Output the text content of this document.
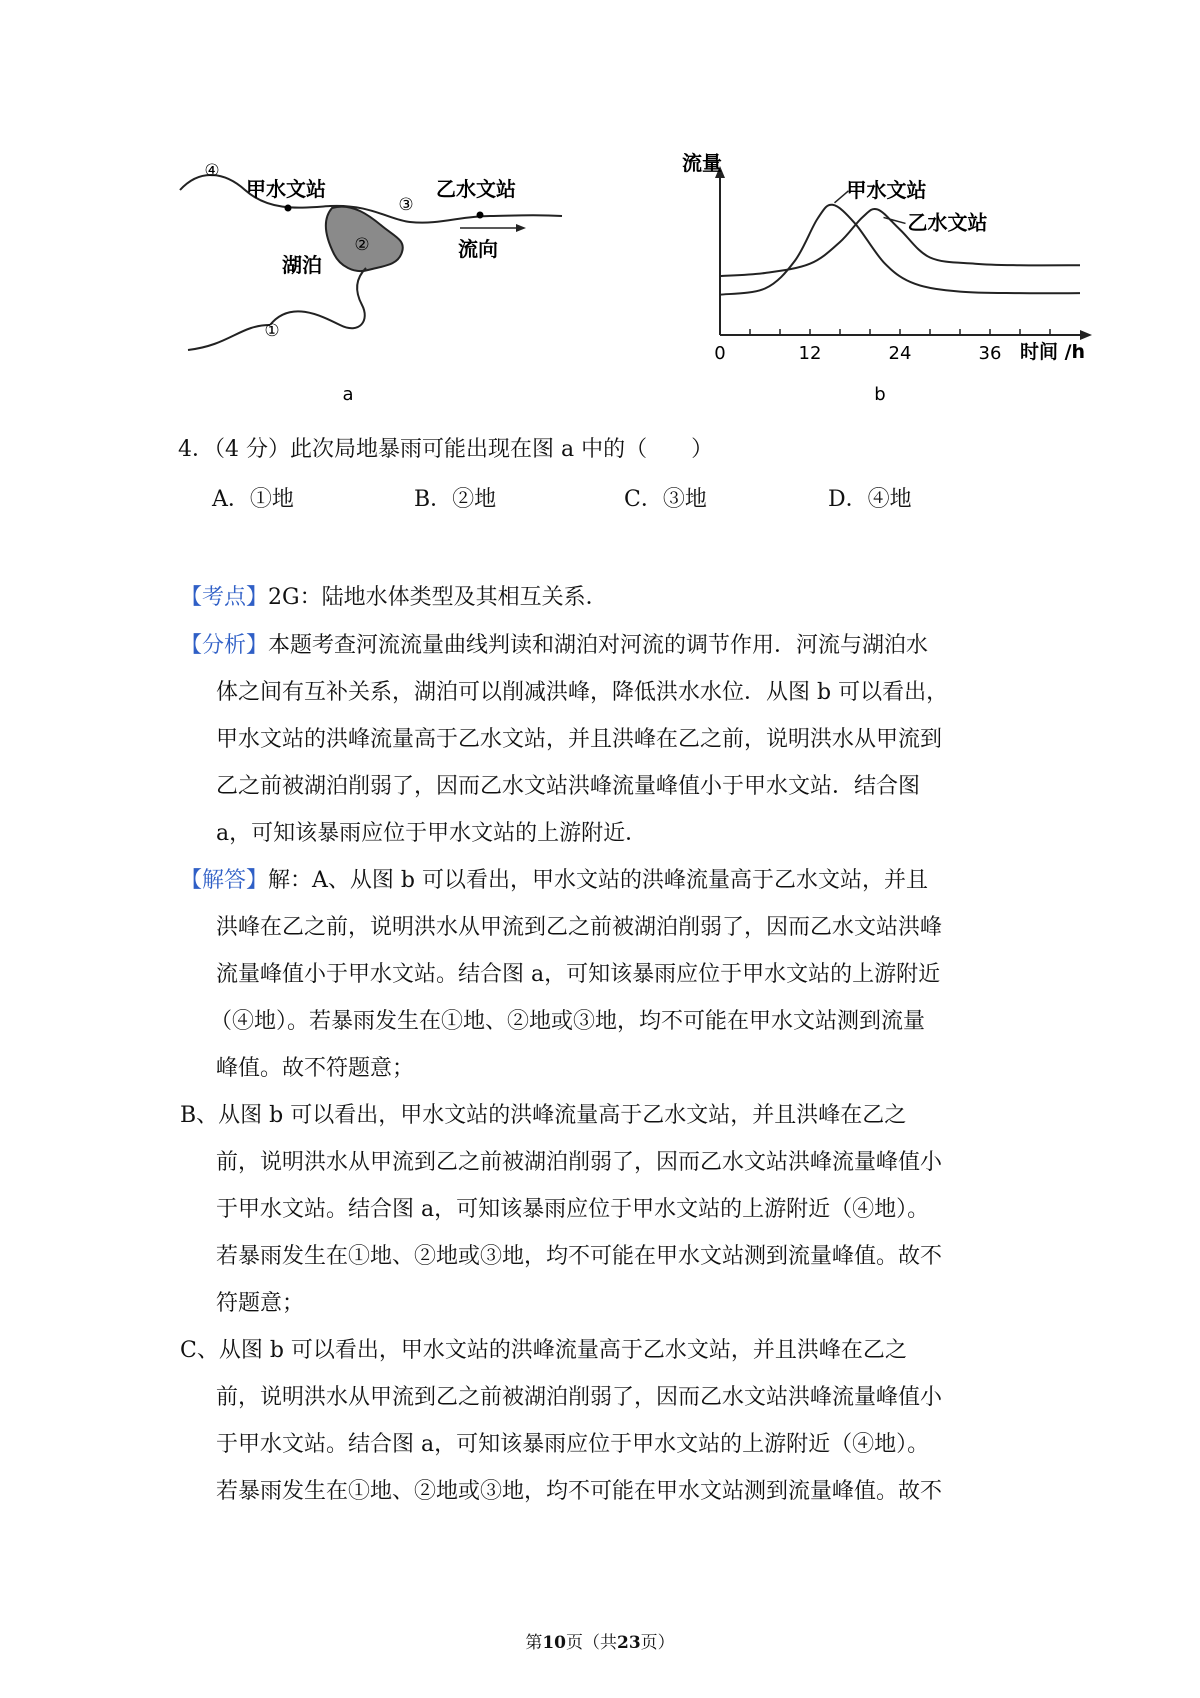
④
甲水文站
③
乙水文站
②
湖泊
流向
①
a
流量
时间 /h
b
0	12	24	36
甲水文站
乙水文站
4．（4 分）此次局地暴雨可能出现在图 a 中的（　　）
A．①地	B．②地	C．③地	D．④地
【考点】2G：陆地水体类型及其相互关系．
【分析】本题考查河流流量曲线判读和湖泊对河流的调节作用．河流与湖泊水
体之间有互补关系，湖泊可以削减洪峰，降低洪水水位．从图 b 可以看出，
甲水文站的洪峰流量高于乙水文站，并且洪峰在乙之前，说明洪水从甲流到
乙之前被湖泊削弱了，因而乙水文站洪峰流量峰值小于甲水文站．结合图
a，可知该暴雨应位于甲水文站的上游附近．
【解答】解：A、从图 b 可以看出，甲水文站的洪峰流量高于乙水文站，并且
洪峰在乙之前，说明洪水从甲流到乙之前被湖泊削弱了，因而乙水文站洪峰
流量峰值小于甲水文站。结合图 a，可知该暴雨应位于甲水文站的上游附近
（④地）。若暴雨发生在①地、②地或③地，均不可能在甲水文站测到流量
峰值。故不符题意；
B、从图 b 可以看出，甲水文站的洪峰流量高于乙水文站，并且洪峰在乙之
前，说明洪水从甲流到乙之前被湖泊削弱了，因而乙水文站洪峰流量峰值小
于甲水文站。结合图 a，可知该暴雨应位于甲水文站的上游附近（④地）。
若暴雨发生在①地、②地或③地，均不可能在甲水文站测到流量峰值。故不
符题意；
C、从图 b 可以看出，甲水文站的洪峰流量高于乙水文站，并且洪峰在乙之
前，说明洪水从甲流到乙之前被湖泊削弱了，因而乙水文站洪峰流量峰值小
于甲水文站。结合图 a，可知该暴雨应位于甲水文站的上游附近（④地）。
若暴雨发生在①地、②地或③地，均不可能在甲水文站测到流量峰值。故不
第10页（共23页）
